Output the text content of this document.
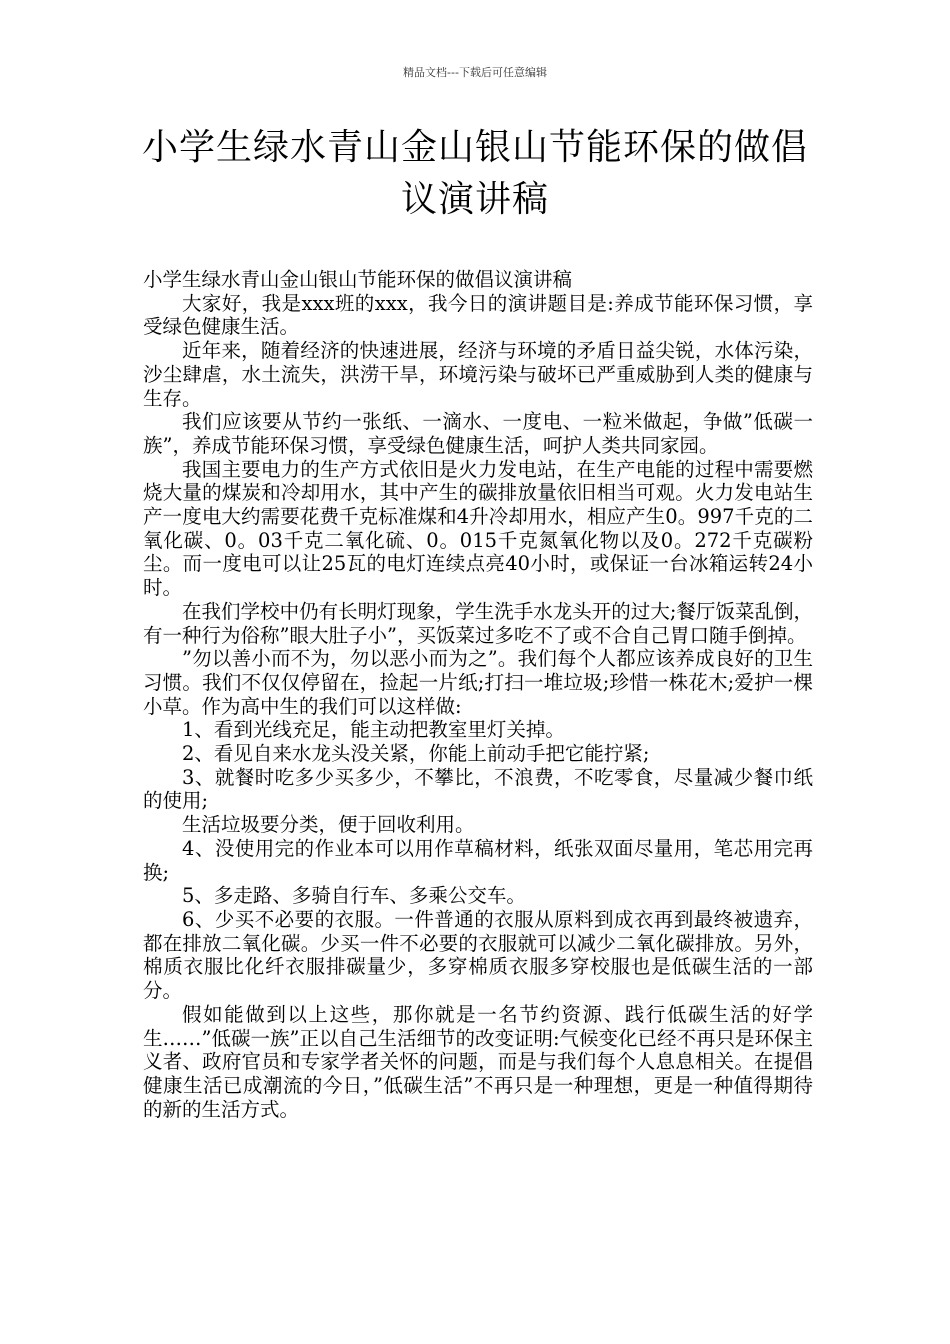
精品文档---下载后可任意编辑
小学生绿水青山金山银山节能环保的做倡议演讲稿

小学生绿水青山金山银山节能环保的做倡议演讲稿

大家好，我是xxx班的xxx，我今日的演讲题目是:养成节能环保习惯，享受绿色健康生活。

近年来，随着经济的快速进展，经济与环境的矛盾日益尖锐，水体污染，沙尘肆虐，水土流失，洪涝干旱，环境污染与破坏已严重威胁到人类的健康与生存。

我们应该要从节约一张纸、一滴水、一度电、一粒米做起，争做”低碳一族”，养成节能环保习惯，享受绿色健康生活，呵护人类共同家园。

我国主要电力的生产方式依旧是火力发电站，在生产电能的过程中需要燃烧大量的煤炭和冷却用水，其中产生的碳排放量依旧相当可观。火力发电站生产一度电大约需要花费千克标准煤和4升冷却用水，相应产生0。997千克的二氧化碳、0。03千克二氧化硫、0。015千克氮氧化物以及0。272千克碳粉尘。而一度电可以让25瓦的电灯连续点亮40小时，或保证一台冰箱运转24小时。

在我们学校中仍有长明灯现象，学生洗手水龙头开的过大;餐厅饭菜乱倒，有一种行为俗称”眼大肚子小”，买饭菜过多吃不了或不合自己胃口随手倒掉。

”勿以善小而不为，勿以恶小而为之”。我们每个人都应该养成良好的卫生习惯。我们不仅仅停留在，捡起一片纸;打扫一堆垃圾;珍惜一株花木;爱护一棵小草。作为高中生的我们可以这样做:

1、看到光线充足，能主动把教室里灯关掉。

2、看见自来水龙头没关紧，你能上前动手把它能拧紧;

3、就餐时吃多少买多少，不攀比，不浪费，不吃零食，尽量减少餐巾纸的使用;

生活垃圾要分类，便于回收利用。

4、没使用完的作业本可以用作草稿材料，纸张双面尽量用，笔芯用完再换;

5、多走路、多骑自行车、多乘公交车。

6、少买不必要的衣服。一件普通的衣服从原料到成衣再到最终被遗弃，都在排放二氧化碳。少买一件不必要的衣服就可以减少二氧化碳排放。另外，棉质衣服比化纤衣服排碳量少，多穿棉质衣服多穿校服也是低碳生活的一部分。

假如能做到以上这些，那你就是一名节约资源、践行低碳生活的好学生……”低碳一族”正以自己生活细节的改变证明:气候变化已经不再只是环保主义者、政府官员和专家学者关怀的问题，而是与我们每个人息息相关。在提倡健康生活已成潮流的今日，”低碳生活”不再只是一种理想，更是一种值得期待的新的生活方式。
